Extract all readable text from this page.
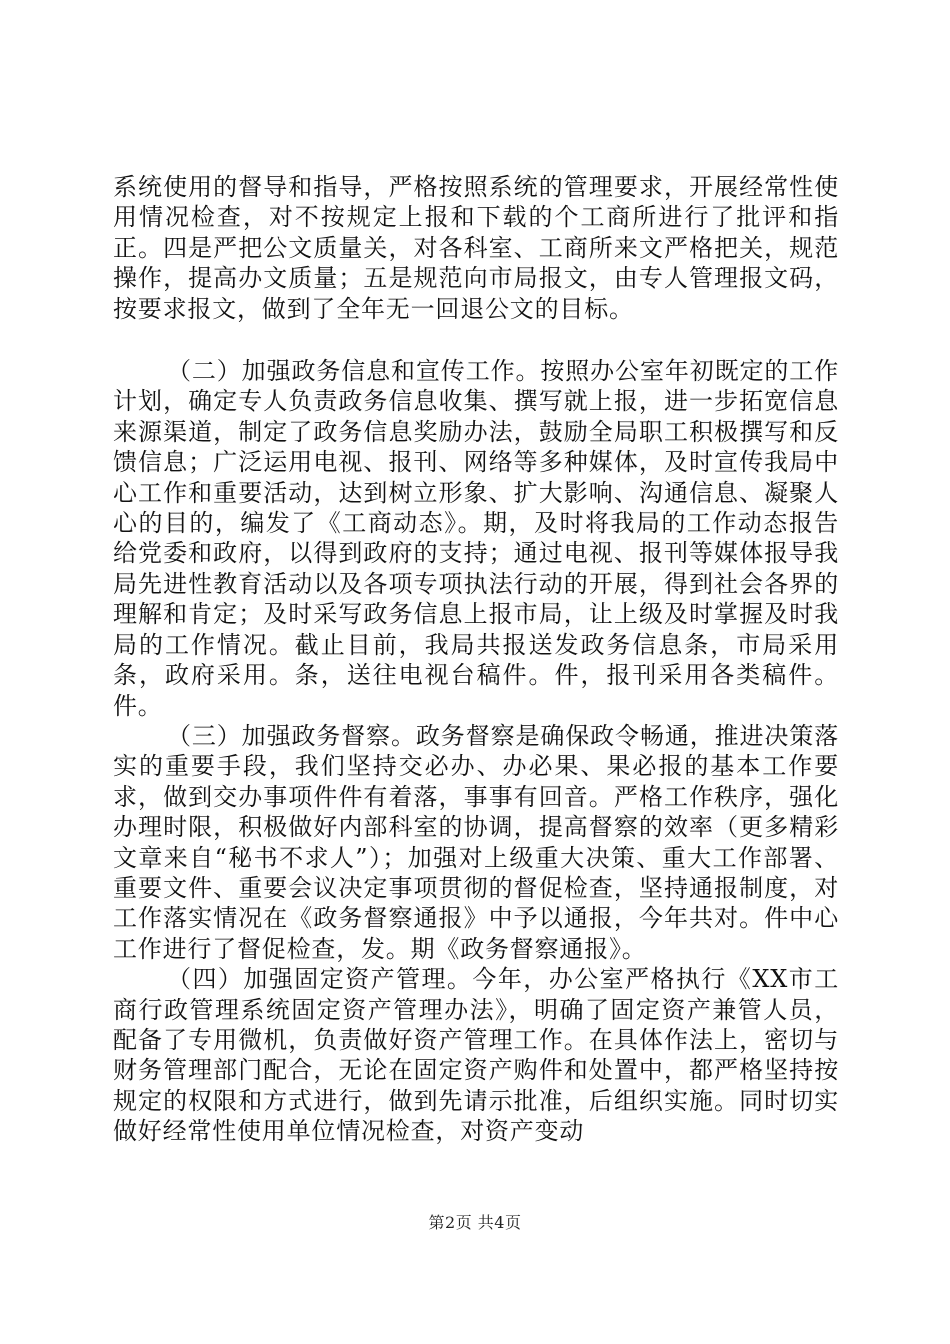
系统使用的督导和指导，严格按照系统的管理要求，开展经常性使用情况检查，对不按规定上报和下载的个工商所进行了批评和指正。四是严把公文质量关，对各科室、工商所来文严格把关，规范操作，提高办文质量；五是规范向市局报文，由专人管理报文码，按要求报文，做到了全年无一回退公文的目标。

（二）加强政务信息和宣传工作。按照办公室年初既定的工作计划，确定专人负责政务信息收集、撰写就上报，进一步拓宽信息来源渠道，制定了政务信息奖励办法，鼓励全局职工积极撰写和反馈信息；广泛运用电视、报刊、网络等多种媒体，及时宣传我局中心工作和重要活动，达到树立形象、扩大影响、沟通信息、凝聚人心的目的，编发了《工商动态》。期，及时将我局的工作动态报告给党委和政府，以得到政府的支持；通过电视、报刊等媒体报导我局先进性教育活动以及各项专项执法行动的开展，得到社会各界的理解和肯定；及时采写政务信息上报市局，让上级及时掌握及时我局的工作情况。截止目前，我局共报送发政务信息条，市局采用条，政府采用。条，送往电视台稿件。件，报刊采用各类稿件。件。

（三）加强政务督察。政务督察是确保政令畅通，推进决策落实的重要手段，我们坚持交必办、办必果、果必报的基本工作要求，做到交办事项件件有着落，事事有回音。严格工作秩序，强化办理时限，积极做好内部科室的协调，提高督察的效率（更多精彩文章来自“秘书不求人”）；加强对上级重大决策、重大工作部署、重要文件、重要会议决定事项贯彻的督促检查，坚持通报制度，对工作落实情况在《政务督察通报》中予以通报，今年共对。件中心工作进行了督促检查，发。期《政务督察通报》。

（四）加强固定资产管理。今年，办公室严格执行《XX市工商行政管理系统固定资产管理办法》，明确了固定资产兼管人员，配备了专用微机，负责做好资产管理工作。在具体作法上，密切与财务管理部门配合，无论在固定资产购件和处置中，都严格坚持按规定的权限和方式进行，做到先请示批准，后组织实施。同时切实做好经常性使用单位情况检查，对资产变动

第2页 共4页
